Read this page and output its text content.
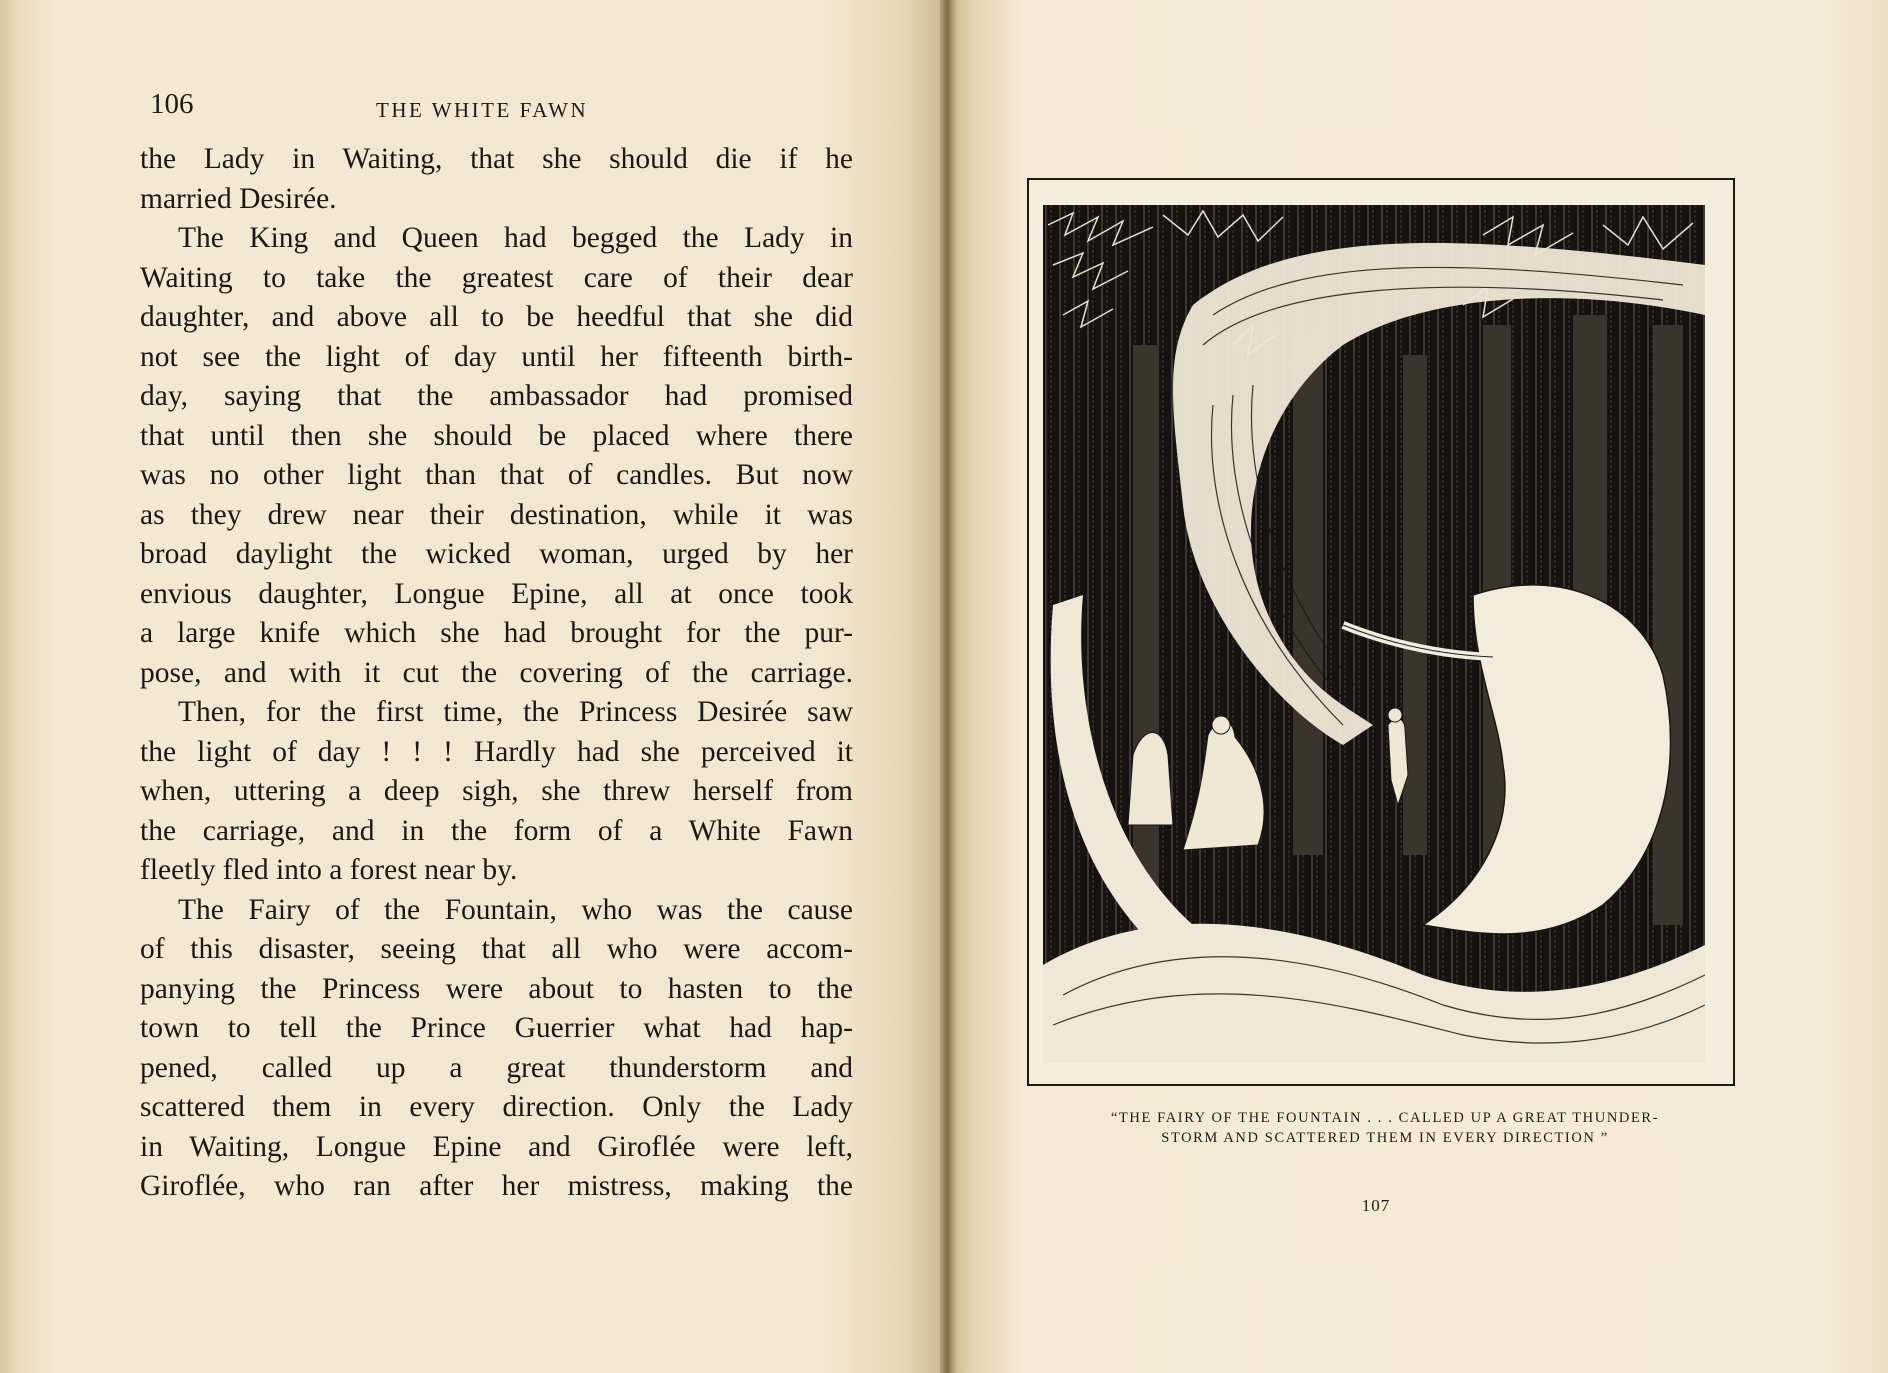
106	THE WHITE FAWN
the Lady in Waiting, that she should die if he
married Desirée.
The King and Queen had begged the Lady in
Waiting to take the greatest care of their dear
daughter, and above all to be heedful that she did
not see the light of day until her fifteenth birth-
day, saying that the ambassador had promised
that until then she should be placed where there
was no other light than that of candles. But now
as they drew near their destination, while it was
broad daylight the wicked woman, urged by her
envious daughter, Longue Epine, all at once took
a large knife which she had brought for the pur-
pose, and with it cut the covering of the carriage.
Then, for the first time, the Princess Desirée saw
the light of day ! ! ! Hardly had she perceived it
when, uttering a deep sigh, she threw herself from
the carriage, and in the form of a White Fawn
fleetly fled into a forest near by.
The Fairy of the Fountain, who was the cause
of this disaster, seeing that all who were accom-
panying the Princess were about to hasten to the
town to tell the Prince Guerrier what had hap-
pened, called up a great thunderstorm and
scattered them in every direction. Only the Lady
in Waiting, Longue Epine and Giroflée were left,
Giroflée, who ran after her mistress, making the
“THE FAIRY OF THE FOUNTAIN . . . CALLED UP A GREAT THUNDER-
STORM AND SCATTERED THEM IN EVERY DIRECTION ”
107
